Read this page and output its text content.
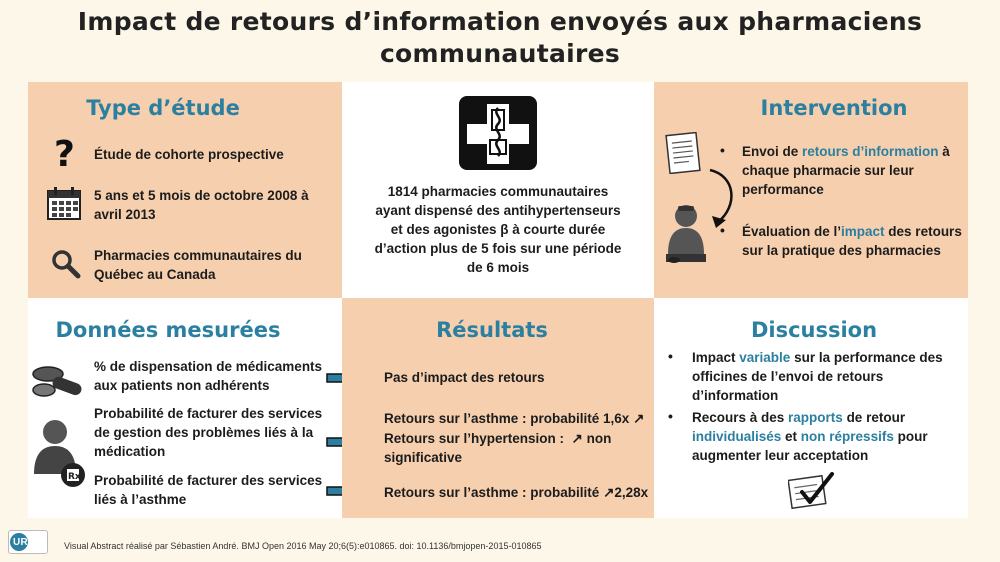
Impact de retours d’information envoyés aux pharmaciens
communautaires
Type d’étude
? Étude de cohorte prospective
5 ans et 5 mois de octobre 2008 à avril 2013
Pharmacies communautaires du Québec au Canada
1814 pharmacies communautaires ayant dispensé des antihypertenseurs et des agonistes β à courte durée d’action plus de 5 fois sur une période de 6 mois
Intervention
• Envoi de retours d’information à chaque pharmacie sur leur performance
• Évaluation de l’impact des retours sur la pratique des pharmacies
Données mesurées
% de dispensation de médicaments aux patients non adhérents
Rx
Probabilité de facturer des services de gestion des problèmes liés à la médication
Probabilité de facturer des services liés à l’asthme
Résultats
Pas d’impact des retours
Retours sur l’asthme : probabilité 1,6x ↗
Retours sur l’hypertension :  ↗ non significative
Retours sur l’asthme : probabilité ↗2,28x
Discussion
• Impact variable sur la performance des officines de l’envoi de retours d’information
• Recours à des rapports de retour individualisés et non répressifs pour augmenter leur acceptation
URPP Visual Abstract réalisé par Sébastien André. BMJ Open 2016 May 20;6(5):e010865. doi: 10.1136/bmjopen-2015-010865
